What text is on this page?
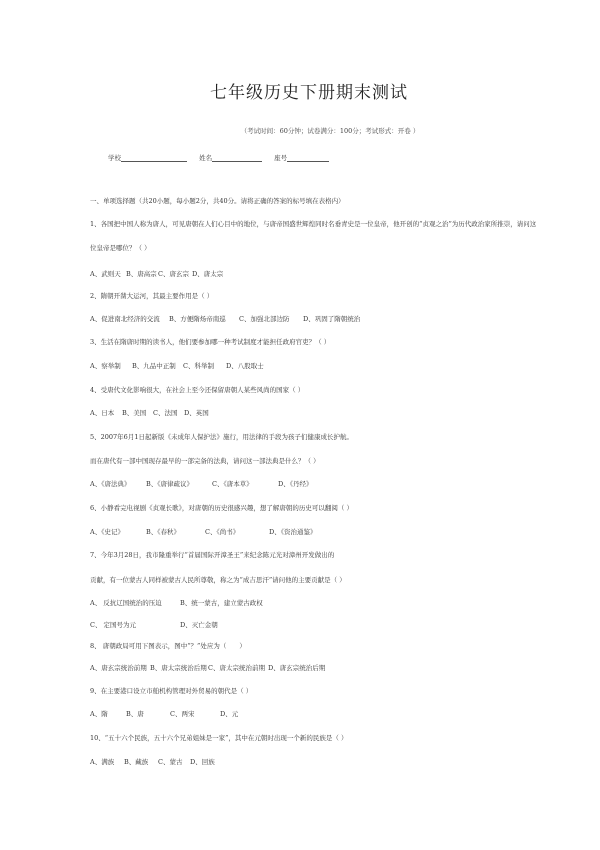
七年级历史下册期末测试
（考试时间：60分钟；试卷满分：100分；考试形式：开卷 ）
学校	姓名	座号
一、单项选择题（共20小题，每小题2分，共40分。请将正确的答案的标号填在表格内）
1、各国把中国人称为唐人，可见唐朝在人们心目中的地位，与唐帝国盛世辉煌同时名垂青史是一位皇帝，他开创的“贞观之治”为历代政治家所推崇，请问这
位皇帝是哪位？（ ）
A、武则天 B、唐高宗C、唐玄宗 D、唐太宗
2、隋朝开凿大运河，其最主要作用是（ ）
A、促进南北经济的交流 B、方便隋炀帝南巡 C、加强北部边防 D、巩固了隋朝统治
3、生活在隋唐时期的读书人，他们要参加哪一种考试制度才能担任政府官吏？（ ）
A、察举制 B、九品中正制 C、科举制 D、八股取士
4、受唐代文化影响很大，在社会上至今还保留唐朝人某些风尚的国家（ ）
A、日本 B、美国 C、法国 D、英国
5、2007年6月1日起新版《未成年人保护法》施行，用法律的手段为孩子们健康成长护航。
而在唐代有一部中国现存最早的一部完备的法典，请问这一部法典是什么？（ ）
A、《唐法典》 B、《唐律疏议》	C、《唐本草》	D、《丹经》
6、小静看完电视剧《贞观长歌》，对唐朝的历史很感兴趣，想了解唐朝的历史可以翻阅（ ）
A、《史记》	B、《春秋》	C、《尚书》	D、《资治通鉴》
7、今年3月28日，我市隆重举行“首届国际开漳圣王”来纪念陈元光对漳州开发做出的
贡献，有一位蒙古人同样被蒙古人民所尊敬，称之为“成吉思汗”请问他的主要贡献是（ ）
A、 反抗辽国统治的压迫	B、统一蒙古，建立蒙古政权
C、 定国号为元	D、灭亡金朝
8、 唐朝政局可用下图表示，图中“？”处应为（　　）
A、唐玄宗统治前期 B、唐太宗统治后期C、唐太宗统治前期 D、唐玄宗统治后期
9、在主要港口设立市舶机构管理对外贸易的朝代是（ ）
A、隋	B、唐	C、两宋	D、元
10、“五十六个民族，五十六个兄弟姐妹是一家”，其中在元朝时出现一个新的民族是（ ）
A、满族 B、藏族 C、蒙古 D、回族
